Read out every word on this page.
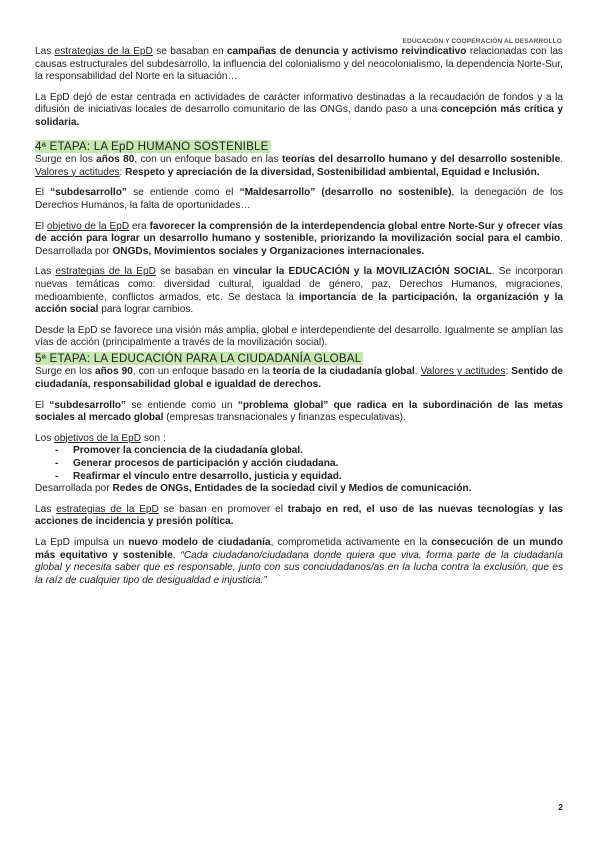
EDUCACIÓN Y COOPERACIÓN AL DESARROLLO

Las estrategias de la EpD se basaban en campañas de denuncia y activismo reivindicativo relacionadas con las causas estructurales del subdesarrollo, la influencia del colonialismo y del neocolonialismo, la dependencia Norte-Sur, la responsabilidad del Norte en la situación…

La EpD dejó de estar centrada en actividades de carácter informativo destinadas a la recaudación de fondos y a la difusión de iniciativas locales de desarrollo comunitario de las ONGs, dando paso a una concepción más crítica y solidaria.

4ª ETAPA: LA EpD HUMANO SOSTENIBLE

Surge en los años 80, con un enfoque basado en las teorías del desarrollo humano y del desarrollo sostenible. Valores y actitudes: Respeto y apreciación de la diversidad, Sostenibilidad ambiental, Equidad e Inclusión.

El “subdesarrollo” se entiende como el “Maldesarrollo” (desarrollo no sostenible), la denegación de los Derechos Humanos, la falta de oportunidades…

El objetivo de la EpD era favorecer la comprensión de la interdependencia global entre Norte-Sur y ofrecer vías de acción para lograr un desarrollo humano y sostenible, priorizando la movilización social para el cambio. Desarrollada por ONGDs, Movimientos sociales y Organizaciones internacionales.

Las estrategias de la EpD se basaban en vincular la EDUCACIÓN y la MOVILIZACIÓN SOCIAL. Se incorporan nuevas temáticas como: diversidad cultural, igualdad de género, paz, Derechos Humanos, migraciones, medioambiente, conflictos armados, etc. Se destaca la importancia de la participación, la organización y la acción social para lograr cambios.

Desde la EpD se favorece una visión más amplia, global e interdependiente del desarrollo. Igualmente se amplían las vías de acción (principalmente a través de la movilización social).

5ª ETAPA: LA EDUCACIÓN PARA LA CIUDADANÍA GLOBAL

Surge en los años 90, con un enfoque basado en la teoría de la ciudadanía global. Valores y actitudes: Sentido de ciudadanía, responsabilidad global e igualdad de derechos.

El “subdesarrollo” se entiende como un “problema global” que radica en la subordinación de las metas sociales al mercado global (empresas transnacionales y finanzas especulativas).

Los objetivos de la EpD son :
- Promover la conciencia de la ciudadanía global.
- Generar procesos de participación y acción ciudadana.
- Reafirmar el vínculo entre desarrollo, justicia y equidad.
Desarrollada por Redes de ONGs, Entidades de la sociedad civil y Medios de comunicación.

Las estrategias de la EpD se basan en promover el trabajo en red, el uso de las nuevas tecnologías y las acciones de incidencia y presión política.

La EpD impulsa un nuevo modelo de ciudadanía, comprometida activamente en la consecución de un mundo más equitativo y sostenible. “Cada ciudadano/ciudadana donde quiera que viva, forma parte de la ciudadanía global y necesita saber que es responsable, junto con sus conciudadanos/as en la lucha contra la exclusión, que es la raíz de cualquier tipo de desigualdad e injusticia.”

2
